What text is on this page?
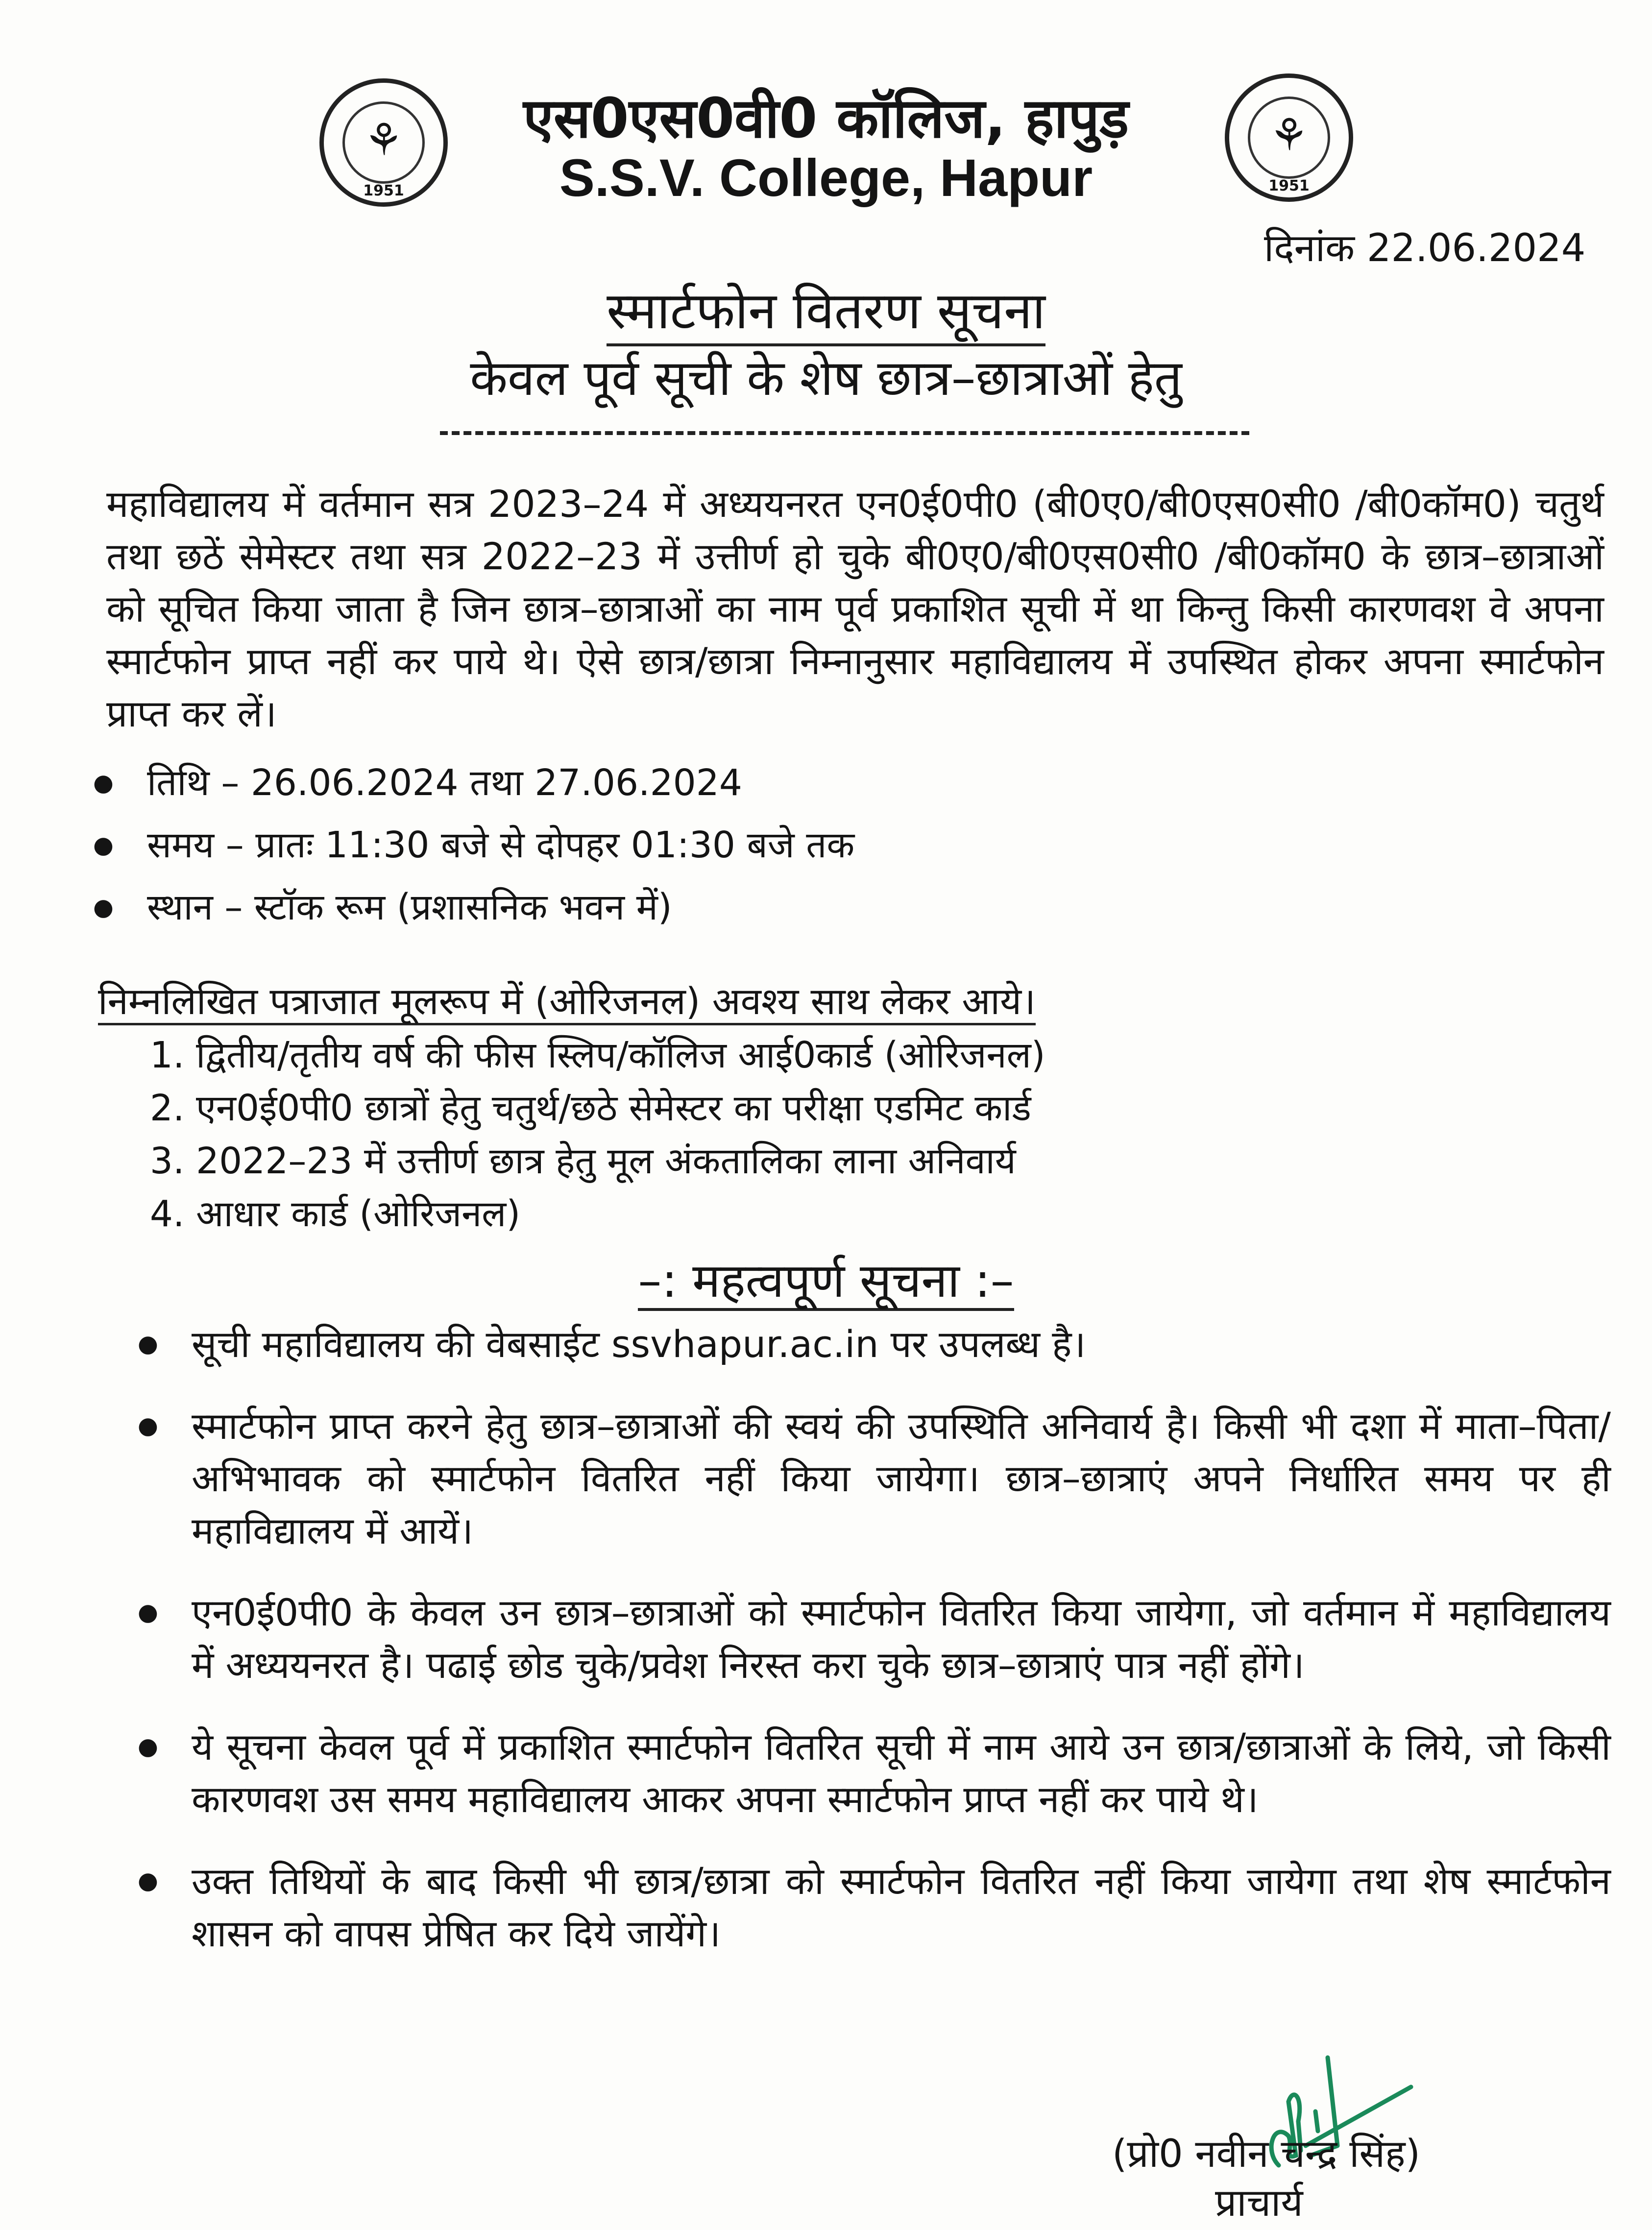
⚘
1951
⚘
1951
एस0एस0वी0 कॉलिज, हापुड़
S.S.V. College, Hapur
दिनांक 22.06.2024
स्मार्टफोन वितरण सूचना
केवल पूर्व सूची के शेष छात्र–छात्राओं हेतु
महाविद्यालय में वर्तमान सत्र 2023–24 में अध्ययनरत एन0ई0पी0 (बी0ए0/बी0एस0सी0 /बी0कॉम0) चतुर्थ तथा छठें सेमेस्टर तथा सत्र 2022–23 में उत्तीर्ण हो चुके बी0ए0/बी0एस0सी0 /बी0कॉम0 के छात्र–छात्राओं को सूचित किया जाता है जिन छात्र–छात्राओं का नाम पूर्व प्रकाशित सूची में था किन्तु किसी कारणवश वे अपना स्मार्टफोन प्राप्त नहीं कर पाये थे। ऐसे छात्र/छात्रा निम्नानुसार महाविद्यालय में उपस्थित होकर अपना स्मार्टफोन प्राप्त कर लें।
● तिथि – 26.06.2024 तथा 27.06.2024
● समय – प्रातः 11:30 बजे से दोपहर 01:30 बजे तक
● स्थान – स्टॉक रूम (प्रशासनिक भवन में)
निम्नलिखित पत्राजात मूलरूप में (ओरिजनल) अवश्य साथ लेकर आये।
1. द्वितीय/तृतीय वर्ष की फीस स्लिप/कॉलिज आई0कार्ड (ओरिजनल)
2. एन0ई0पी0 छात्रों हेतु चतुर्थ/छठे सेमेस्टर का परीक्षा एडमिट कार्ड
3. 2022–23 में उत्तीर्ण छात्र हेतु मूल अंकतालिका लाना अनिवार्य
4. आधार कार्ड (ओरिजनल)
–: महत्वपूर्ण सूचना :–
● सूची महाविद्यालय की वेबसाईट ssvhapur.ac.in पर उपलब्ध है।
● स्मार्टफोन प्राप्त करने हेतु छात्र–छात्राओं की स्वयं की उपस्थिति अनिवार्य है। किसी भी दशा में माता–पिता/अभिभावक को स्मार्टफोन वितरित नहीं किया जायेगा। छात्र–छात्राएं अपने निर्धारित समय पर ही महाविद्यालय में आयें।
● एन0ई0पी0 के केवल उन छात्र–छात्राओं को स्मार्टफोन वितरित किया जायेगा, जो वर्तमान में महाविद्यालय में अध्ययनरत है। पढाई छोड चुके/प्रवेश निरस्त करा चुके छात्र–छात्राएं पात्र नहीं होंगे।
● ये सूचना केवल पूर्व में प्रकाशित स्मार्टफोन वितरित सूची में नाम आये उन छात्र/छात्राओं के लिये, जो किसी कारणवश उस समय महाविद्यालय आकर अपना स्मार्टफोन प्राप्त नहीं कर पाये थे।
● उक्त तिथियों के बाद किसी भी छात्र/छात्रा को स्मार्टफोन वितरित नहीं किया जायेगा तथा शेष स्मार्टफोन शासन को वापस प्रेषित कर दिये जायेंगे।
(प्रो0 नवीन चन्द्र सिंह)
प्राचार्य
